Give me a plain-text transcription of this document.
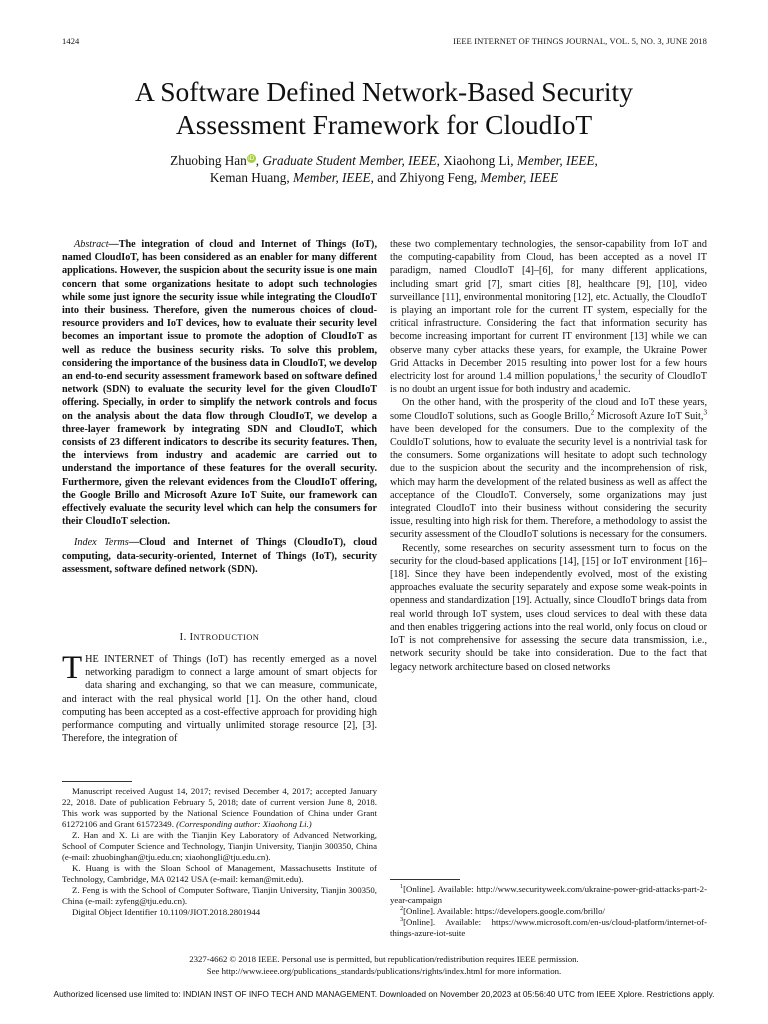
1424	IEEE INTERNET OF THINGS JOURNAL, VOL. 5, NO. 3, JUNE 2018
A Software Defined Network-Based Security
Assessment Framework for CloudIoT
Zhuobing HaniD, Graduate Student Member, IEEE, Xiaohong Li, Member, IEEE,
Keman Huang, Member, IEEE, and Zhiyong Feng, Member, IEEE

Abstract—The integration of cloud and Internet of Things (IoT), named CloudIoT, has been considered as an enabler for many different applications. However, the suspicion about the security issue is one main concern that some organizations hesitate to adopt such technologies while some just ignore the security issue while integrating the CloudIoT into their business. Therefore, given the numerous choices of cloud-resource providers and IoT devices, how to evaluate their security level becomes an important issue to promote the adoption of CloudIoT as well as reduce the business security risks. To solve this problem, considering the importance of the business data in CloudIoT, we develop an end-to-end security assessment framework based on software defined network (SDN) to evaluate the security level for the given CloudIoT offering. Specially, in order to simplify the network controls and focus on the analysis about the data flow through CloudIoT, we develop a three-layer framework by integrating SDN and CloudIoT, which consists of 23 different indicators to describe its security features. Then, the interviews from industry and academic are carried out to understand the importance of these features for the overall security. Furthermore, given the relevant evidences from the CloudIoT offering, the Google Brillo and Microsoft Azure IoT Suite, our framework can effectively evaluate the security level which can help the consumers for their CloudIoT selection.

Index Terms—Cloud and Internet of Things (CloudIoT), cloud computing, data-security-oriented, Internet of Things (IoT), security assessment, software defined network (SDN).

I. INTRODUCTION

THE INTERNET of Things (IoT) has recently emerged as a novel networking paradigm to connect a large amount of smart objects for data sharing and exchanging, so that we can measure, communicate, and interact with the real physical world [1]. On the other hand, cloud computing has been accepted as a cost-effective approach for providing high performance computing and virtually unlimited storage resource [2], [3]. Therefore, the integration of

Manuscript received August 14, 2017; revised December 4, 2017; accepted January 22, 2018. Date of publication February 5, 2018; date of current version June 8, 2018. This work was supported by the National Science Foundation of China under Grant 61272106 and Grant 61572349. (Corresponding author: Xiaohong Li.)

Z. Han and X. Li are with the Tianjin Key Laboratory of Advanced Networking, School of Computer Science and Technology, Tianjin University, Tianjin 300350, China (e-mail: zhuobinghan@tju.edu.cn; xiaohongli@tju.edu.cn).

K. Huang is with the Sloan School of Management, Massachusetts Institute of Technology, Cambridge, MA 02142 USA (e-mail: keman@mit.edu).

Z. Feng is with the School of Computer Software, Tianjin University, Tianjin 300350, China (e-mail: zyfeng@tju.edu.cn).

Digital Object Identifier 10.1109/JIOT.2018.2801944

these two complementary technologies, the sensor-capability from IoT and the computing-capability from Cloud, has been accepted as a novel IT paradigm, named CloudIoT [4]–[6], for many different applications, including smart grid [7], smart cities [8], healthcare [9], [10], video surveillance [11], environmental monitoring [12], etc. Actually, the CloudIoT is playing an important role for the current IT system, especially for the critical infrastructure. Considering the fact that information security has become increasing important for current IT environment [13] while we can observe many cyber attacks these years, for example, the Ukraine Power Grid Attacks in December 2015 resulting into power lost for a few hours electricity lost for around 1.4 million populations,$^1$ the security of CloudIoT is no doubt an urgent issue for both industry and academic.

On the other hand, with the prosperity of the cloud and IoT these years, some CloudIoT solutions, such as Google Brillo,$^2$ Microsoft Azure IoT Suit,$^3$ have been developed for the consumers. Due to the complexity of the CouldIoT solutions, how to evaluate the security level is a nontrivial task for the consumers. Some organizations will hesitate to adopt such technology due to the suspicion about the security and the incomprehension of risk, which may harm the development of the related business as well as affect the acceptance of the CloudIoT. Conversely, some organizations may just integrated CloudIoT into their business without considering the security issue, resulting into high risk for them. Therefore, a methodology to assist the security assessment of the CloudIoT solutions is necessary for the consumers.

Recently, some researches on security assessment turn to focus on the security for the cloud-based applications [14], [15] or IoT environment [16]–[18]. Since they have been independently evolved, most of the existing approaches evaluate the security separately and expose some weak-points in openness and standardization [19]. Actually, since CloudIoT brings data from real world through IoT system, uses cloud services to deal with these data and then enables triggering actions into the real world, only focus on cloud or IoT is not comprehensive for assessing the secure data transmission, i.e., network security should be take into consideration. Due to the fact that legacy network architecture based on closed networks

$^1$[Online]. Available: http://www.securityweek.com/ukraine-power-grid-attacks-part-2-year-campaign

$^2$[Online]. Available: https://developers.google.com/brillo/

$^3$[Online]. Available: https://www.microsoft.com/en-us/cloud-platform/internet-of-things-azure-iot-suite

2327-4662 © 2018 IEEE. Personal use is permitted, but republication/redistribution requires IEEE permission.
See http://www.ieee.org/publications_standards/publications/rights/index.html for more information.
Authorized licensed use limited to: INDIAN INST OF INFO TECH AND MANAGEMENT. Downloaded on November 20,2023 at 05:56:40 UTC from IEEE Xplore. Restrictions apply.
